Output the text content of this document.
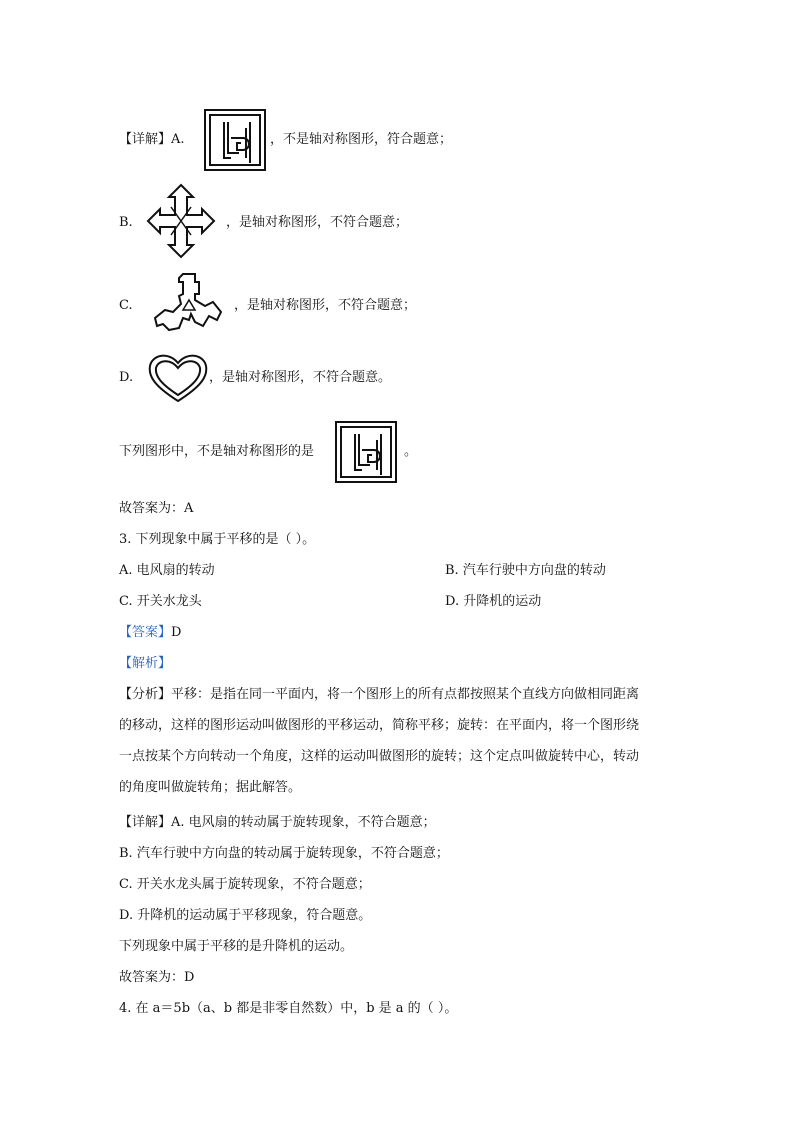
【详解】A.	，不是轴对称图形，符合题意；
B.	，是轴对称图形，不符合题意；
C.	，是轴对称图形，不符合题意；
D.	，是轴对称图形，不符合题意。
下列图形中，不是轴对称图形的是	。
故答案为：A
3. 下列现象中属于平移的是（ ）。
A. 电风扇的转动	B. 汽车行驶中方向盘的转动
C. 开关水龙头	D. 升降机的运动
【答案】D
【解析】
【分析】平移：是指在同一平面内，将一个图形上的所有点都按照某个直线方向做相同距离
的移动，这样的图形运动叫做图形的平移运动，简称平移；旋转：在平面内，将一个图形绕
一点按某个方向转动一个角度，这样的运动叫做图形的旋转；这个定点叫做旋转中心，转动
的角度叫做旋转角；据此解答。
【详解】A. 电风扇的转动属于旋转现象，不符合题意；
B. 汽车行驶中方向盘的转动属于旋转现象，不符合题意；
C. 开关水龙头属于旋转现象，不符合题意；
D. 升降机的运动属于平移现象，符合题意。
下列现象中属于平移的是升降机的运动。
故答案为：D
4. 在 a＝5b（a、b 都是非零自然数）中，b 是 a 的（ ）。
